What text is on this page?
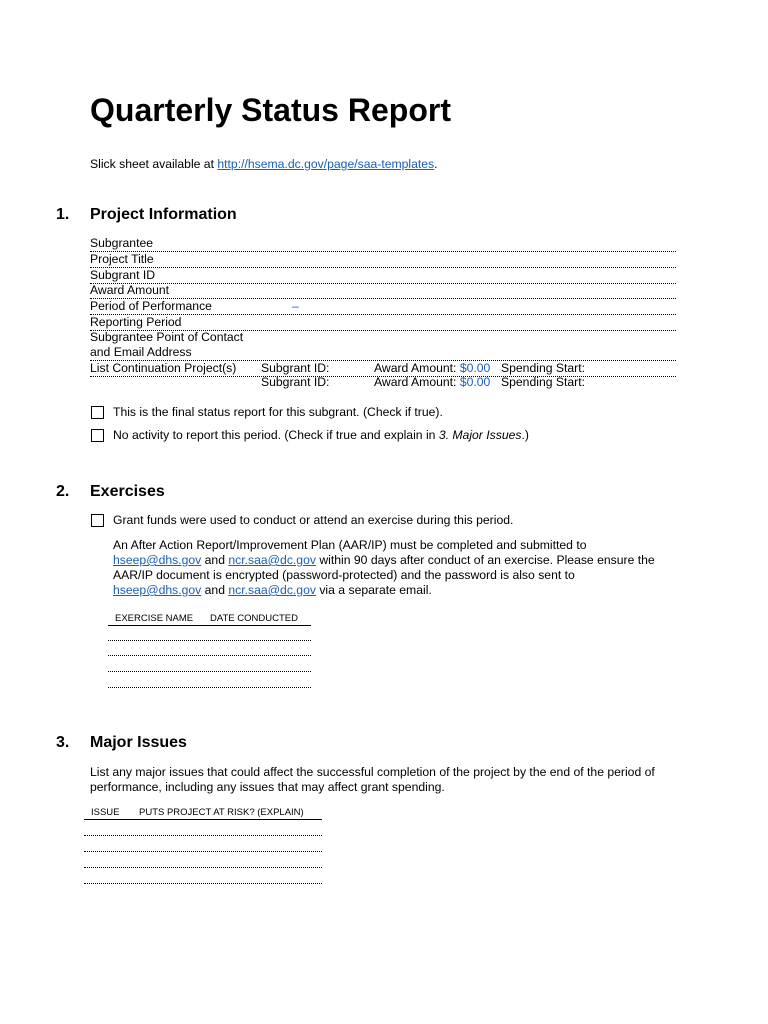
Quarterly Status Report
Slick sheet available at http://hsema.dc.gov/page/saa-templates.
1. Project Information
Subgrantee
Project Title
Subgrant ID
Award Amount
Period of Performance	–
Reporting Period
Subgrantee Point of Contact
and Email Address
List Continuation Project(s) Subgrant ID:	Award Amount: $0.00 Spending Start:
Subgrant ID:	Award Amount: $0.00 Spending Start:
This is the final status report for this subgrant. (Check if true).
No activity to report this period. (Check if true and explain in 3. Major Issues.)
2. Exercises
Grant funds were used to conduct or attend an exercise during this period.
An After Action Report/Improvement Plan (AAR/IP) must be completed and submitted to
hseep@dhs.gov and ncr.saa@dc.gov within 90 days after conduct of an exercise. Please ensure the
AAR/IP document is encrypted (password-protected) and the password is also sent to
hseep@dhs.gov and ncr.saa@dc.gov via a separate email.
EXERCISE NAME DATE CONDUCTED
3. Major Issues
List any major issues that could affect the successful completion of the project by the end of the period of
performance, including any issues that may affect grant spending.
ISSUE PUTS PROJECT AT RISK? (EXPLAIN)
